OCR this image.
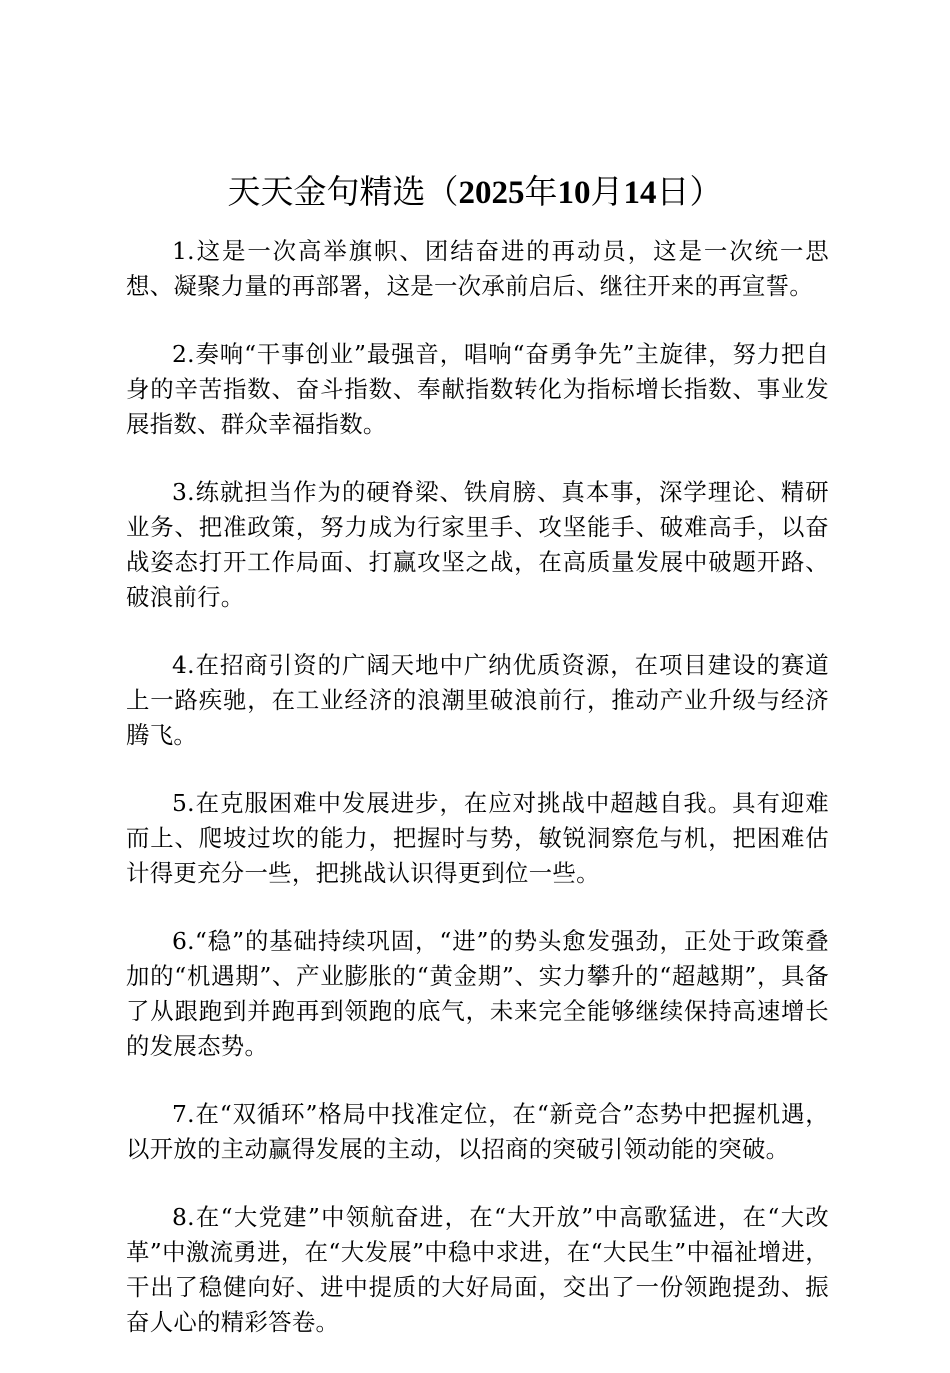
天天金句精选（2025年10月14日）

1.这是一次高举旗帜、团结奋进的再动员，这是一次统一思想、凝聚力量的再部署，这是一次承前启后、继往开来的再宣誓。

2.奏响“干事创业”最强音，唱响“奋勇争先”主旋律，努力把自身的辛苦指数、奋斗指数、奉献指数转化为指标增长指数、事业发展指数、群众幸福指数。

3.练就担当作为的硬脊梁、铁肩膀、真本事，深学理论、精研业务、把准政策，努力成为行家里手、攻坚能手、破难高手，以奋战姿态打开工作局面、打赢攻坚之战，在高质量发展中破题开路、破浪前行。

4.在招商引资的广阔天地中广纳优质资源，在项目建设的赛道上一路疾驰，在工业经济的浪潮里破浪前行，推动产业升级与经济腾飞。

5.在克服困难中发展进步，在应对挑战中超越自我。具有迎难而上、爬坡过坎的能力，把握时与势，敏锐洞察危与机，把困难估计得更充分一些，把挑战认识得更到位一些。

6.“稳”的基础持续巩固，“进”的势头愈发强劲，正处于政策叠加的“机遇期”、产业膨胀的“黄金期”、实力攀升的“超越期”，具备了从跟跑到并跑再到领跑的底气，未来完全能够继续保持高速增长的发展态势。

7.在“双循环”格局中找准定位，在“新竞合”态势中把握机遇，以开放的主动赢得发展的主动，以招商的突破引领动能的突破。

8.在“大党建”中领航奋进，在“大开放”中高歌猛进，在“大改革”中激流勇进，在“大发展”中稳中求进，在“大民生”中福祉增进，干出了稳健向好、进中提质的大好局面，交出了一份领跑提劲、振奋人心的精彩答卷。
